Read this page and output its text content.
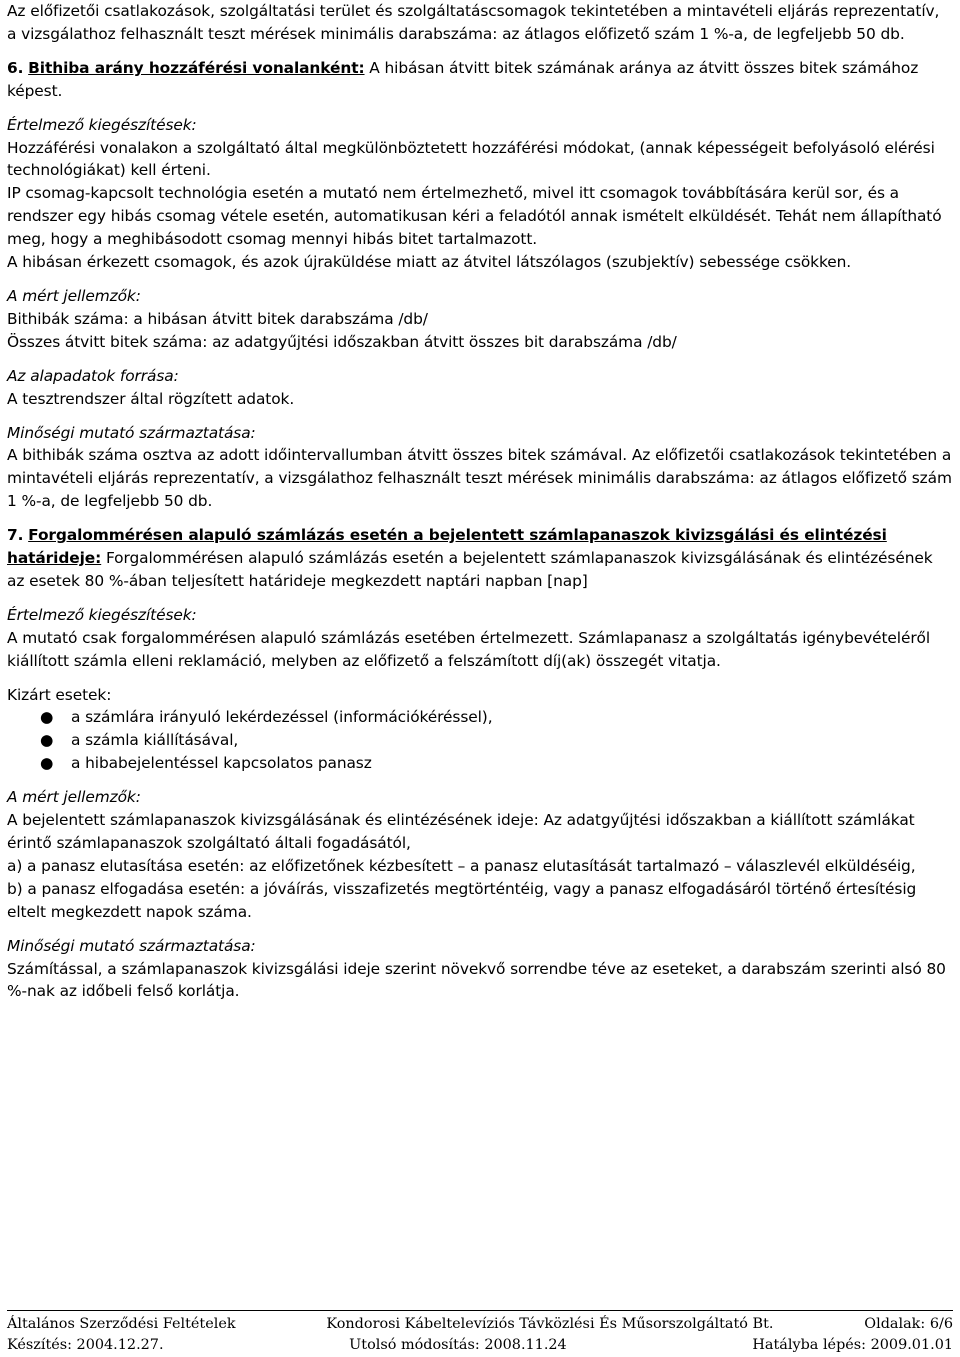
Az előfizetői csatlakozások, szolgáltatási terület és szolgáltatáscsomagok tekintetében a mintavételi eljárás reprezentatív, a vizsgálathoz felhasznált teszt mérések minimális darabszáma: az átlagos előfizető szám 1 %-a, de legfeljebb 50 db.

6. Bithiba arány hozzáférési vonalanként: A hibásan átvitt bitek számának aránya az átvitt összes bitek számához képest.

Értelmező kiegészítések:

Hozzáférési vonalakon a szolgáltató által megkülönböztetett hozzáférési módokat, (annak képességeit befolyásoló elérési technológiákat) kell érteni.

IP csomag-kapcsolt technológia esetén a mutató nem értelmezhető, mivel itt csomagok továbbítására kerül sor, és a rendszer egy hibás csomag vétele esetén, automatikusan kéri a feladótól annak ismételt elküldését. Tehát nem állapítható meg, hogy a meghibásodott csomag mennyi hibás bitet tartalmazott.

A hibásan érkezett csomagok, és azok újraküldése miatt az átvitel látszólagos (szubjektív) sebessége csökken.

A mért jellemzők:

Bithibák száma: a hibásan átvitt bitek darabszáma /db/

Összes átvitt bitek száma: az adatgyűjtési időszakban átvitt összes bit darabszáma /db/

Az alapadatok forrása:

A tesztrendszer által rögzített adatok.

Minőségi mutató származtatása:

A bithibák száma osztva az adott időintervallumban átvitt összes bitek számával. Az előfizetői csatlakozások tekintetében a mintavételi eljárás reprezentatív, a vizsgálathoz felhasznált teszt mérések minimális darabszáma: az átlagos előfizető szám 1 %-a, de legfeljebb 50 db.

7. Forgalommérésen alapuló számlázás esetén a bejelentett számlapanaszok kivizsgálási és elintézési határideje: Forgalommérésen alapuló számlázás esetén a bejelentett számlapanaszok kivizsgálásának és elintézésének az esetek 80 %-ában teljesített határideje megkezdett naptári napban [nap]

Értelmező kiegészítések:

A mutató csak forgalommérésen alapuló számlázás esetében értelmezett. Számlapanasz a szolgáltatás igénybevételéről kiállított számla elleni reklamáció, melyben az előfizető a felszámított díj(ak) összegét vitatja.

Kizárt esetek:

● a számlára irányuló lekérdezéssel (információkéréssel),
● a számla kiállításával,
● a hibabejelentéssel kapcsolatos panasz

A mért jellemzők:

A bejelentett számlapanaszok kivizsgálásának és elintézésének ideje: Az adatgyűjtési időszakban a kiállított számlákat érintő számlapanaszok szolgáltató általi fogadásától,

a) a panasz elutasítása esetén: az előfizetőnek kézbesített – a panasz elutasítását tartalmazó – válaszlevél elküldéséig,

b) a panasz elfogadása esetén: a jóváírás, visszafizetés megtörténtéig, vagy a panasz elfogadásáról történő értesítésig eltelt megkezdett napok száma.

Minőségi mutató származtatása:

Számítással, a számlapanaszok kivizsgálási ideje szerint növekvő sorrendbe téve az eseteket, a darabszám szerinti alsó 80 %-nak az időbeli felső korlátja.

Általános Szerződési Feltételek	Kondorosi Kábeltelevíziós Távközlési És Műsorszolgáltató Bt.	Oldalak: 6/6
Készítés: 2004.12.27.	Utolsó módosítás: 2008.11.24	Hatályba lépés: 2009.01.01
